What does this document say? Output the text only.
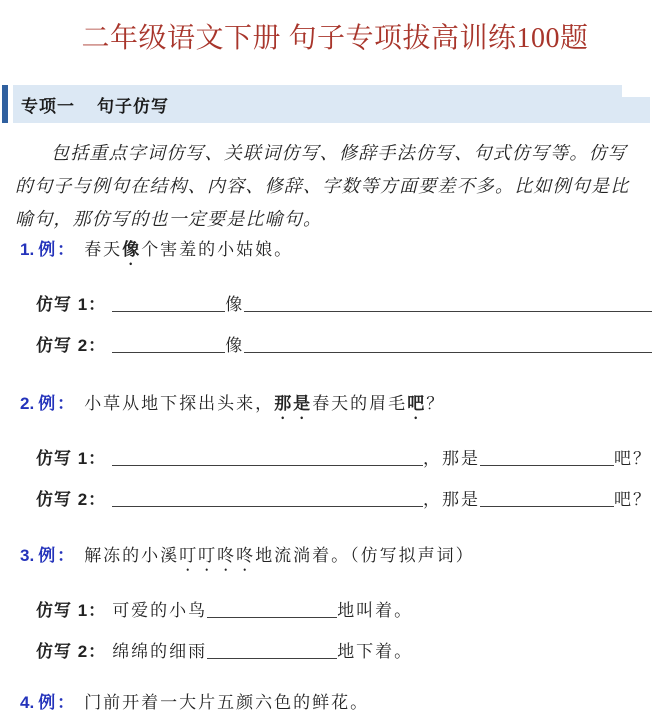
二年级语文下册 句子专项拔高训练100题
专项一 句子仿写
包括重点字词仿写、关联词仿写、修辞手法仿写、句式仿写等。仿写
的句子与例句在结构、内容、修辞、字数等方面要差不多。比如例句是比
喻句，那仿写的也一定要是比喻句。
1. 例： 春天像个害羞的小姑娘。
仿写 1：	像
仿写 2：	像
2. 例： 小草从地下探出头来，那是春天的眉毛吧？
仿写 1：	，那是	吧？
仿写 2：	，那是	吧？
3. 例： 解冻的小溪叮叮咚咚地流淌着。（仿写拟声词）
仿写 1： 可爱的小鸟	地叫着。
仿写 2： 绵绵的细雨	地下着。
4. 例： 门前开着一大片五颜六色的鲜花。
